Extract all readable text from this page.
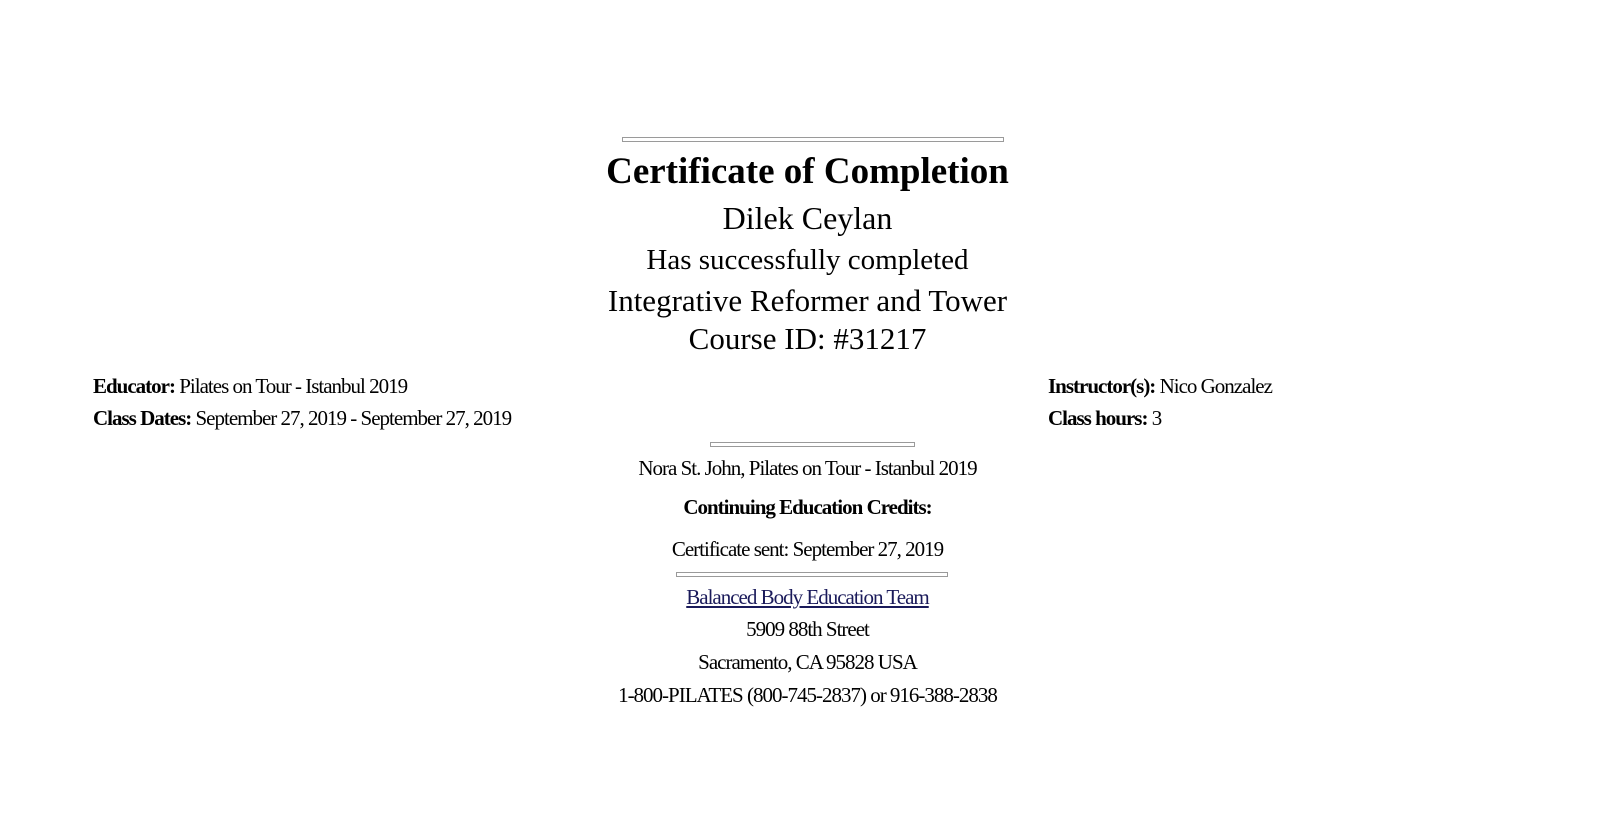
Certificate of Completion
Dilek Ceylan
Has successfully completed
Integrative Reformer and Tower
Course ID: #31217
Educator: Pilates on Tour - Istanbul 2019
Class Dates: September 27, 2019 - September 27, 2019
Instructor(s): Nico Gonzalez
Class hours: 3
Nora St. John, Pilates on Tour - Istanbul 2019
Continuing Education Credits:
Certificate sent: September 27, 2019
Balanced Body Education Team
5909 88th Street
Sacramento, CA 95828 USA
1-800-PILATES (800-745-2837) or 916-388-2838
